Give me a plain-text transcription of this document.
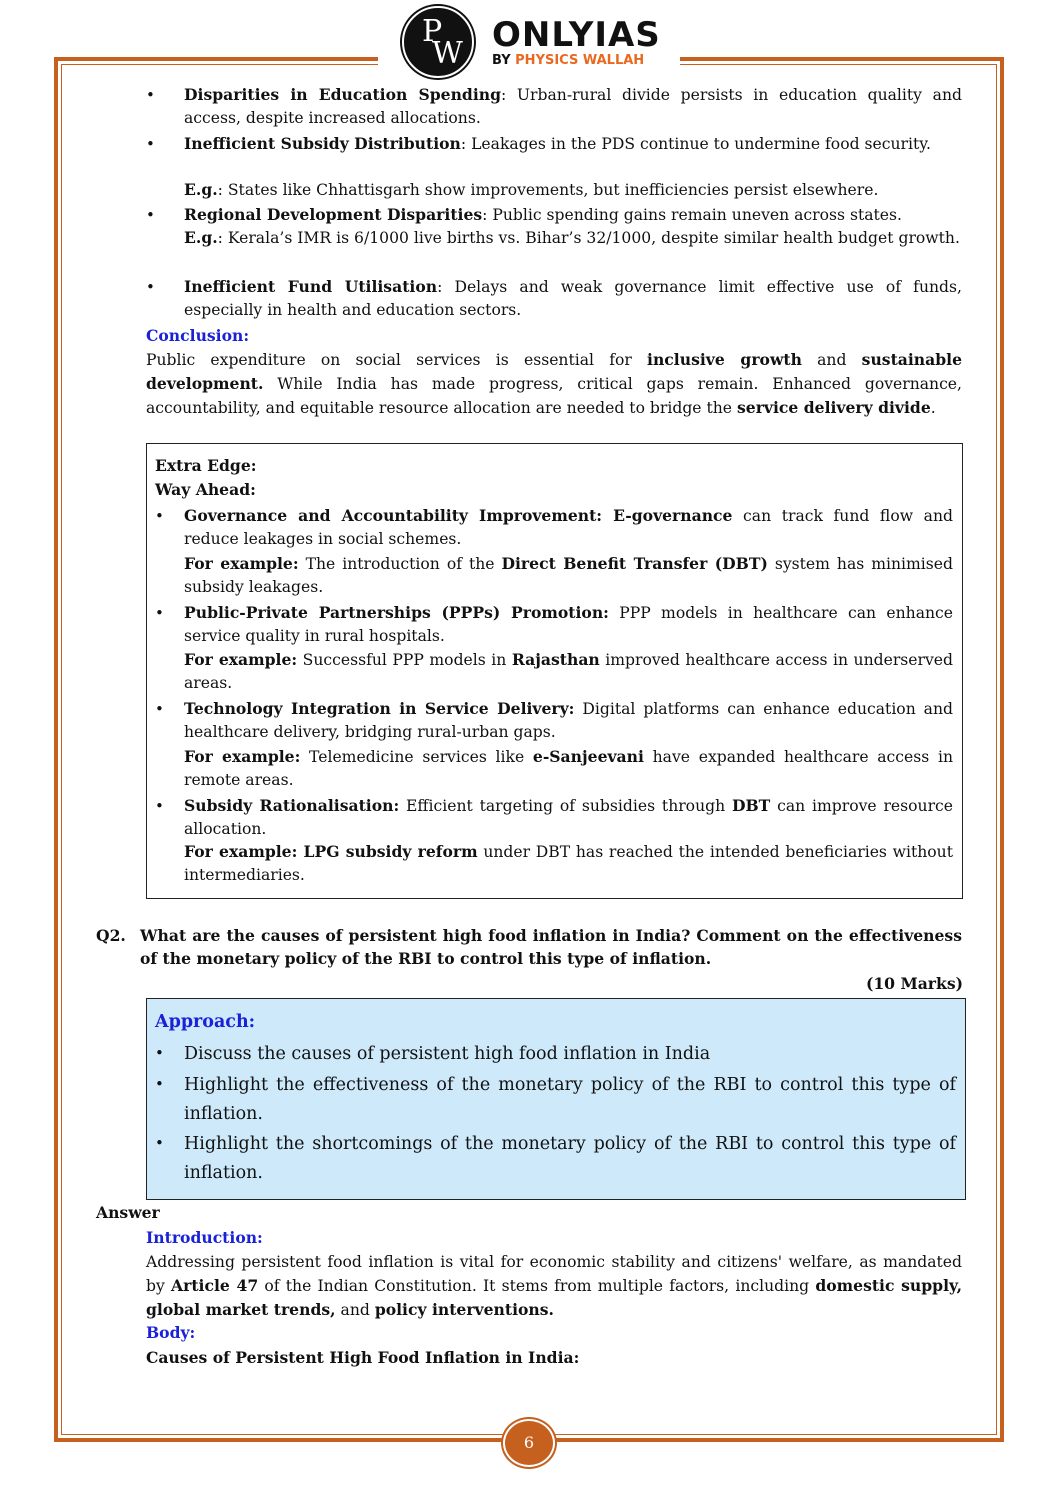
P
W ONLYIAS
BY PHYSICS WALLAH
• Disparities in Education Spending: Urban-rural divide persists in education quality and access, despite increased allocations.
• Inefficient Subsidy Distribution: Leakages in the PDS continue to undermine food security.
E.g.: States like Chhattisgarh show improvements, but inefficiencies persist elsewhere.
• Regional Development Disparities: Public spending gains remain uneven across states.
E.g.: Kerala’s IMR is 6/1000 live births vs. Bihar’s 32/1000, despite similar health budget growth.
• Inefficient Fund Utilisation: Delays and weak governance limit effective use of funds, especially in health and education sectors.
Conclusion:
Public expenditure on social services is essential for inclusive growth and sustainable development. While India has made progress, critical gaps remain. Enhanced governance, accountability, and equitable resource allocation are needed to bridge the service delivery divide.
Extra Edge:
Way Ahead:
• Governance and Accountability Improvement: E-governance can track fund flow and reduce leakages in social schemes.
For example: The introduction of the Direct Benefit Transfer (DBT) system has minimised subsidy leakages.
• Public-Private Partnerships (PPPs) Promotion: PPP models in healthcare can enhance service quality in rural hospitals.
For example: Successful PPP models in Rajasthan improved healthcare access in underserved areas.
• Technology Integration in Service Delivery: Digital platforms can enhance education and healthcare delivery, bridging rural-urban gaps.
For example: Telemedicine services like e-Sanjeevani have expanded healthcare access in remote areas.
• Subsidy Rationalisation: Efficient targeting of subsidies through DBT can improve resource allocation.
For example: LPG subsidy reform under DBT has reached the intended beneficiaries without intermediaries.
Q2. What are the causes of persistent high food inflation in India? Comment on the effectiveness of the monetary policy of the RBI to control this type of inflation.
(10 Marks)
Approach:
• Discuss the causes of persistent high food inflation in India
• Highlight the effectiveness of the monetary policy of the RBI to control this type of inflation.
• Highlight the shortcomings of the monetary policy of the RBI to control this type of inflation.
Answer
Introduction:
Addressing persistent food inflation is vital for economic stability and citizens' welfare, as mandated by Article 47 of the Indian Constitution. It stems from multiple factors, including domestic supply, global market trends, and policy interventions.
Body:
Causes of Persistent High Food Inflation in India:
6
